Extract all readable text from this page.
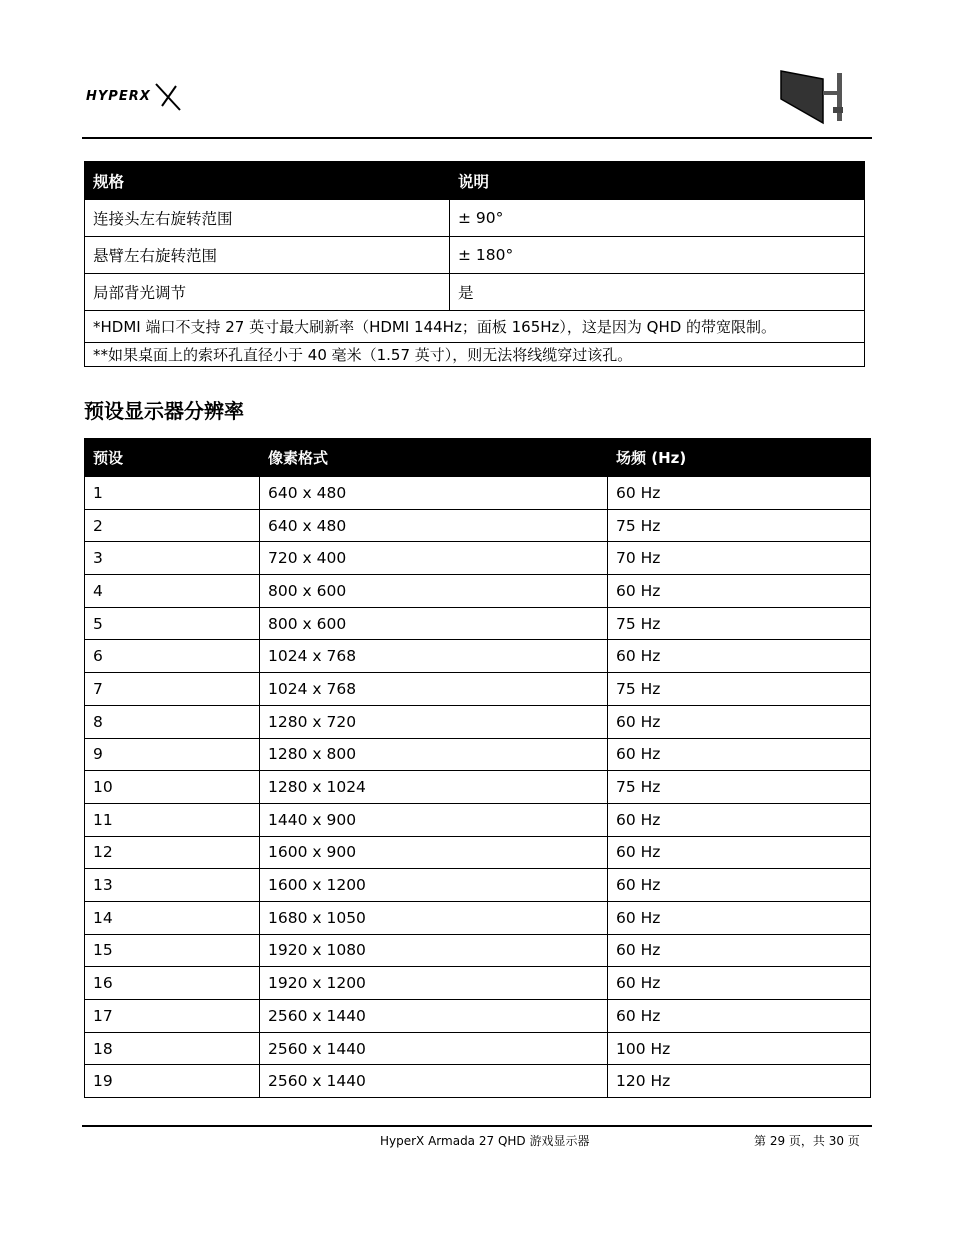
HYPERX
规格	说明
连接头左右旋转范围	± 90°
悬臂左右旋转范围	± 180°
局部背光调节	是
*HDMI 端口不支持 27 英寸最大刷新率（HDMI 144Hz；面板 165Hz），这是因为 QHD 的带宽限制。	
**如果桌面上的索环孔直径小于 40 毫米（1.57 英寸），则无法将线缆穿过该孔。	
预设显示器分辨率
预设	像素格式	场频 (Hz)
1	640 x 480	60 Hz
2	640 x 480	75 Hz
3	720 x 400	70 Hz
4	800 x 600	60 Hz
5	800 x 600	75 Hz
6	1024 x 768	60 Hz
7	1024 x 768	75 Hz
8	1280 x 720	60 Hz
9	1280 x 800	60 Hz
10	1280 x 1024	75 Hz
11	1440 x 900	60 Hz
12	1600 x 900	60 Hz
13	1600 x 1200	60 Hz
14	1680 x 1050	60 Hz
15	1920 x 1080	60 Hz
16	1920 x 1200	60 Hz
17	2560 x 1440	60 Hz
18	2560 x 1440	100 Hz
19	2560 x 1440	120 Hz
HyperX Armada 27 QHD 游戏显示器	第 29 页，共 30 页
